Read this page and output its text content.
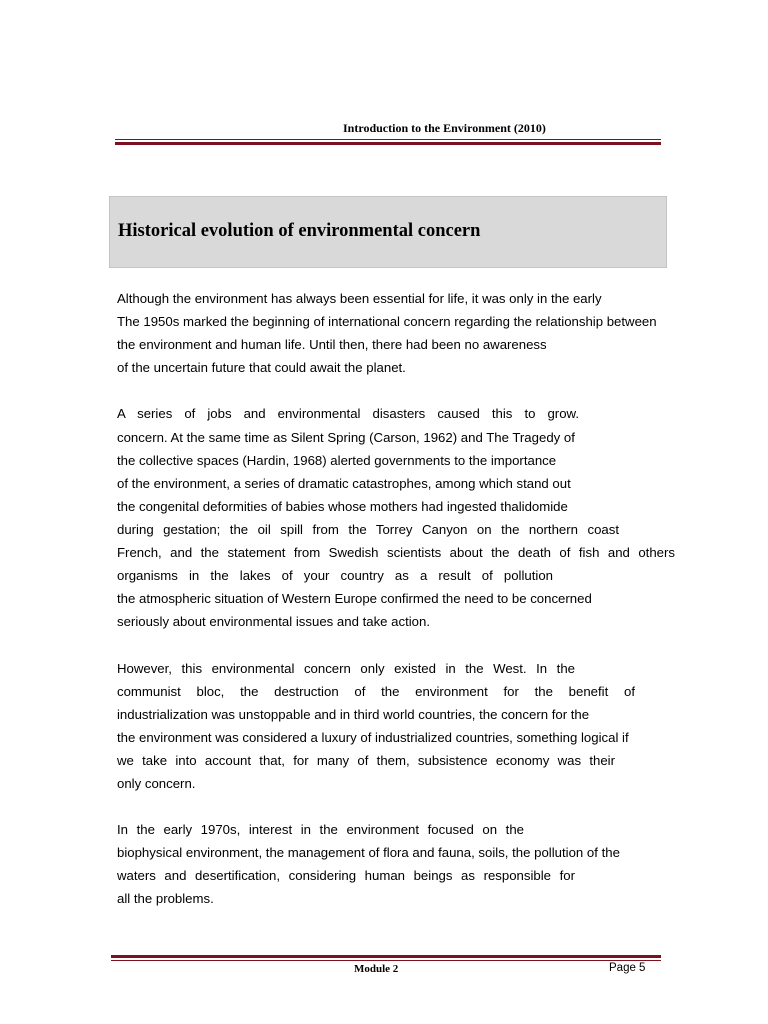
Introduction to the Environment (2010)
Historical evolution of environmental concern
Although the environment has always been essential for life, it was only in the early
The 1950s marked the beginning of international concern regarding the relationship between
the environment and human life. Until then, there had been no awareness
of the uncertain future that could await the planet.
A series of jobs and environmental disasters caused this to grow.
concern. At the same time as Silent Spring (Carson, 1962) and The Tragedy of
the collective spaces (Hardin, 1968) alerted governments to the importance
of the environment, a series of dramatic catastrophes, among which stand out
the congenital deformities of babies whose mothers had ingested thalidomide
during gestation; the oil spill from the Torrey Canyon on the northern coast
French, and the statement from Swedish scientists about the death of fish and others
organisms in the lakes of your country as a result of pollution
the atmospheric situation of Western Europe confirmed the need to be concerned
seriously about environmental issues and take action.
However, this environmental concern only existed in the West. In the
communist bloc, the destruction of the environment for the benefit of
industrialization was unstoppable and in third world countries, the concern for the
the environment was considered a luxury of industrialized countries, something logical if
we take into account that, for many of them, subsistence economy was their
only concern.
In the early 1970s, interest in the environment focused on the
biophysical environment, the management of flora and fauna, soils, the pollution of the
waters and desertification, considering human beings as responsible for
all the problems.
Module 2	Page 5
